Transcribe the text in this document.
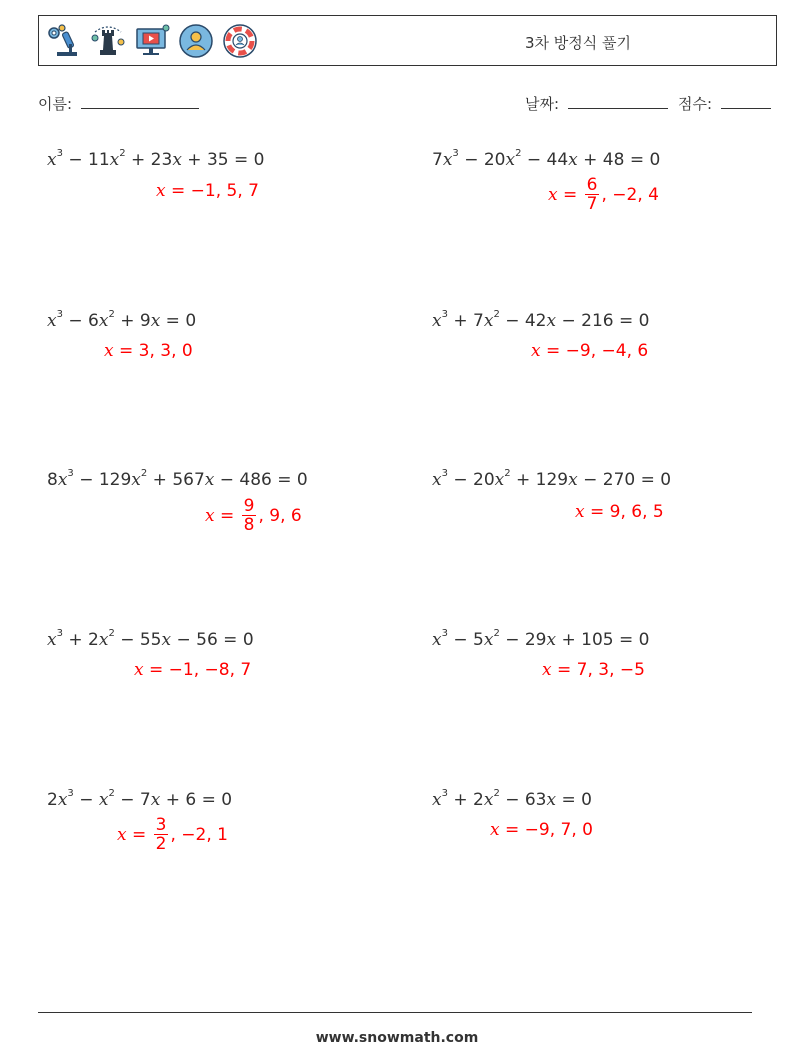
3차 방정식 풀기
이름:	날짜:	점수:
$x^3 - 11x^2 + 23x + 35 = 0$
x = −1, 5, 7
$7x^3 - 20x^2 - 44x + 48 = 0$
$x = \frac{6}{7}$ , −2, 4
$x^3 - 6x^2 + 9x = 0$
x = 3, 3, 0
$x^3 + 7x^2 - 42x - 216 = 0$
x = −9, −4, 6
$8x^3 - 129x^2 + 567x - 486 = 0$
$x = \frac{9}{8}$ , 9, 6
$x^3 - 20x^2 + 129x - 270 = 0$
x = 9, 6, 5
$x^3 + 2x^2 - 55x - 56 = 0$
x = −1, −8, 7
$x^3 - 5x^2 - 29x + 105 = 0$
x = 7, 3, −5
$2x^3 - x^2 - 7x + 6 = 0$
$x = \frac{3}{2}$ , −2, 1
$x^3 + 2x^2 - 63x = 0$
x = −9, 7, 0
www.snowmath.com
